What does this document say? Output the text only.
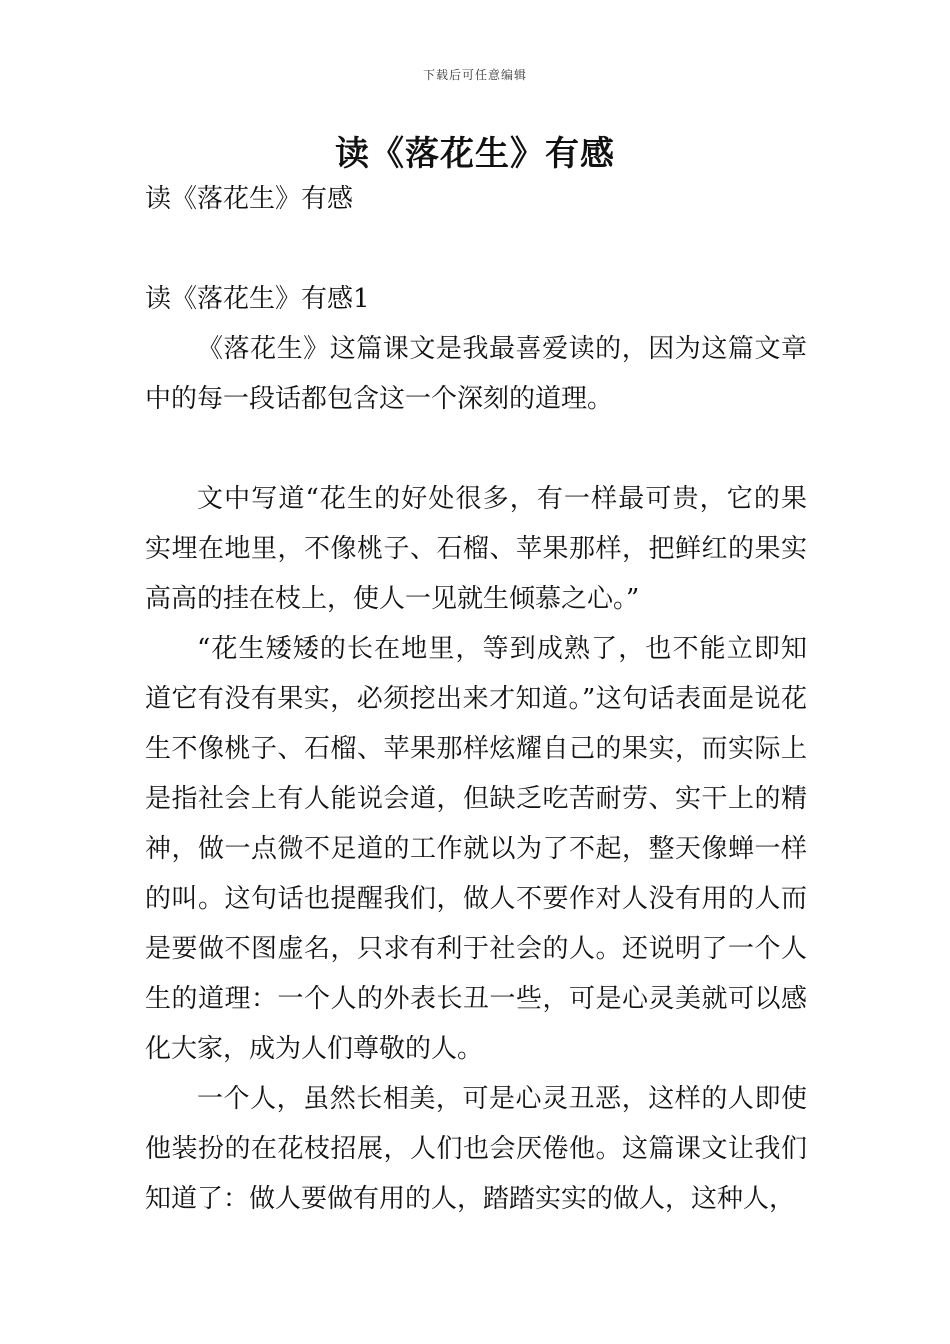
下载后可任意编辑
读《落花生》有感

读《落花生》有感

读《落花生》有感1

《落花生》这篇课文是我最喜爱读的，因为这篇文章中的每一段话都包含这一个深刻的道理。

文中写道“花生的好处很多，有一样最可贵，它的果实埋在地里，不像桃子、石榴、苹果那样，把鲜红的果实高高的挂在枝上，使人一见就生倾慕之心。”

“花生矮矮的长在地里，等到成熟了，也不能立即知道它有没有果实，必须挖出来才知道。”这句话表面是说花生不像桃子、石榴、苹果那样炫耀自己的果实，而实际上是指社会上有人能说会道，但缺乏吃苦耐劳、实干上的精神，做一点微不足道的工作就以为了不起，整天像蝉一样的叫。这句话也提醒我们，做人不要作对人没有用的人而是要做不图虚名，只求有利于社会的人。还说明了一个人生的道理：一个人的外表长丑一些，可是心灵美就可以感化大家，成为人们尊敬的人。

一个人，虽然长相美，可是心灵丑恶，这样的人即使他装扮的在花枝招展，人们也会厌倦他。这篇课文让我们知道了：做人要做有用的人，踏踏实实的做人，这种人，
